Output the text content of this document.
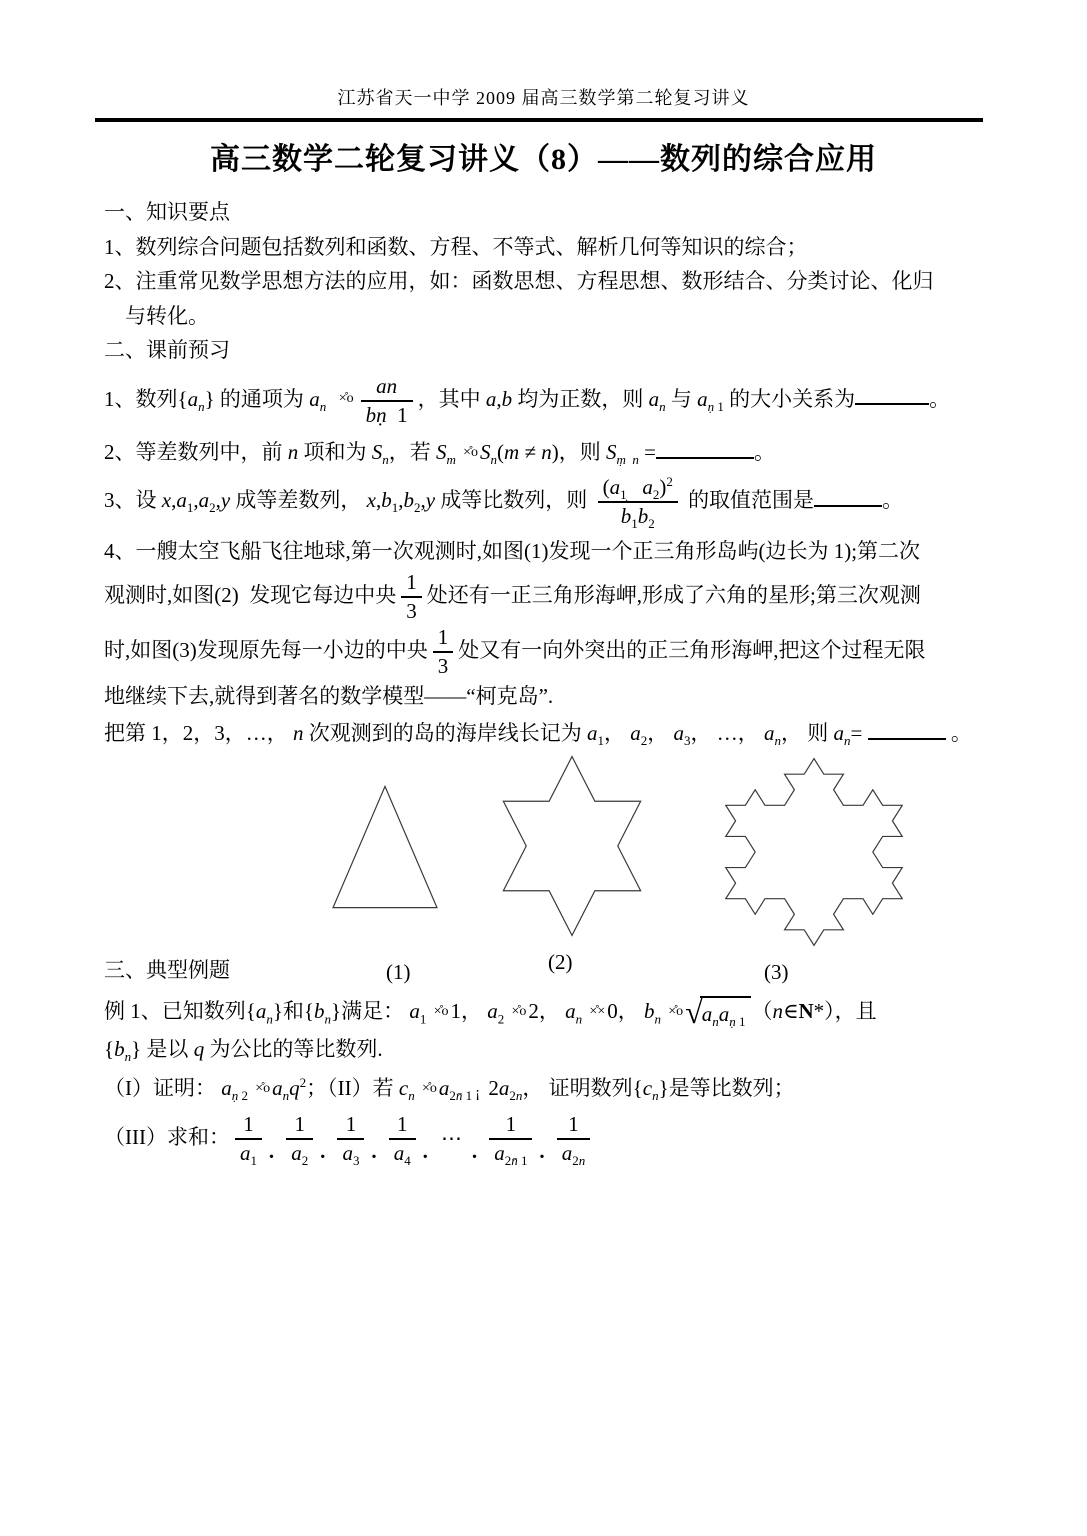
江苏省天一中学 2009 届高三数学第二轮复习讲义
高三数学二轮复习讲义（8）——数列的综合应用
一、知识要点
1、数列综合问题包括数列和函数、方程、不等式、解析几何等知识的综合；
2、注重常见数学思想方法的应用，如：函数思想、方程思想、数形结合、分类讨论、化归
与转化。
二、课前预习
1、数列$\{a_n\}$ 的通项为 $a_n$ ×̊o $\frac{an}{\text{bṇ  1}}$ ，其中 a,b 均为正数，则 $a_n$ 与 $a_{ṇ 1}$ 的大小关系为	。
2、等差数列中，前 n 项和为 $S_n$，若 $S_m$ $\times̊oS_n(m \ne n)$，则 $S_{ṃ n}$ =	。
3、设 $x,a_1,a_2,y$ 成等差数列， $x,b_1,b_2,y$ 成等比数列，则 $\frac{(a_{1̣} a_2)^2}{b_1b_2}$ 的取值范围是	。
4、一艘太空飞船飞往地球,第一次观测时,如图(1)发现一个正三角形岛屿(边长为 1);第二次
观测时,如图(2)  发现它每边中央 $\frac{1}{3}$ 处还有一正三角形海岬,形成了六角的星形;第三次观测
时,如图(3)发现原先每一小边的中央 $\frac{1}{3}$ 处又有一向外突出的正三角形海岬,把这个过程无限
地继续下去,就得到著名的数学模型——“柯克岛”.
把第 1，2，3，…， n 次观测到的岛的海岸线长记为 $a_1$， $a_2$， $a_3$， …， $a_n$， 则 $a_n=$	。
三、典型例题	(1)	(2)	(3)
例 1、已知数列$\{a_n\}$和$\{b_n\}$满足： $a_1$ ×̊o1， $a_2$ ×̊o2， $a_n$ ×̊×0， $b_n$ $\times̊o√a_na_{ṇ 1}$ （n∈N*），且
$\{b_n\}$ 是以 q 为公比的等比数列.
（I）证明： $a_{ṇ 2}$ $\times̊oa_nq^2$；（II）若 $c_n$ $\times̊oa_{2n̄ 1}$ ¡ $2a_{2n}$， 证明数列$\{c_n\}$是等比数列；
（III）求和： $\frac{1}{a_1}$ . $\frac{1}{a_2}$ . $\frac{1}{a_3}$ . $\frac{1}{a_4}$ . ⋯. $\frac{1}{a_{2n̄ 1}}$ . $\frac{1}{a_{2n}}$
